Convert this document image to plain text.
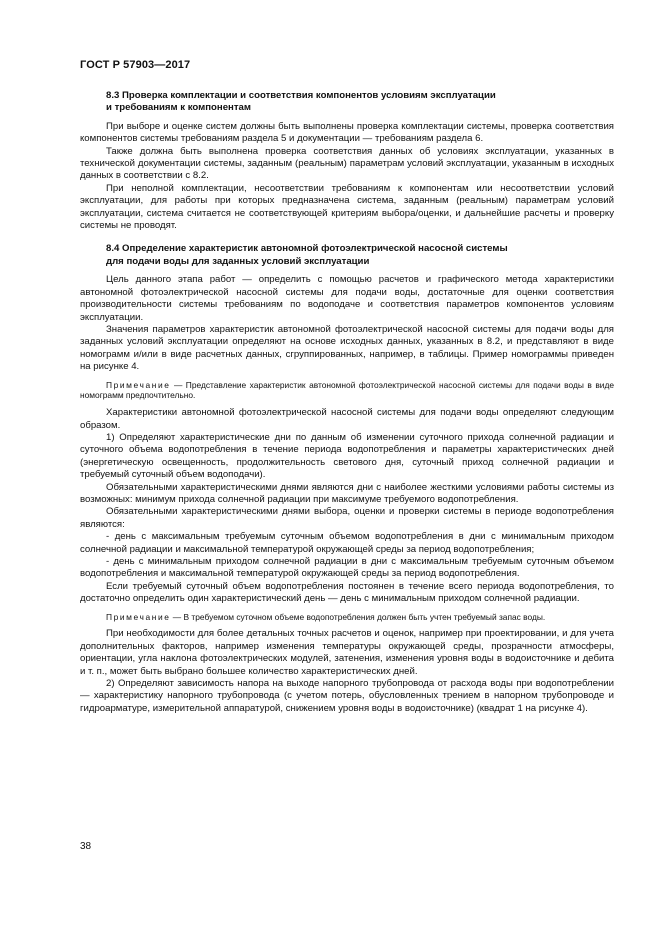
ГОСТ Р 57903—2017
8.3 Проверка комплектации и соответствия компонентов условиям эксплуатации
и требованиям к компонентам

При выборе и оценке систем должны быть выполнены проверка комплектации системы, проверка соответствия компонентов системы требованиям раздела 5 и документации — требованиям раздела 6.

Также должна быть выполнена проверка соответствия данных об условиях эксплуатации, указанных в технической документации системы, заданным (реальным) параметрам условий эксплуатации, указанным в исходных данных в соответствии с 8.2.

При неполной комплектации, несоответствии требованиям к компонентам или несоответствии условий эксплуатации, для работы при которых предназначена система, заданным (реальным) параметрам условий эксплуатации, система считается не соответствующей критериям выбора/оценки, и дальнейшие расчеты и проверку системы не проводят.

8.4 Определение характеристик автономной фотоэлектрической насосной системы
для подачи воды для заданных условий эксплуатации

Цель данного этапа работ — определить с помощью расчетов и графического метода характеристики автономной фотоэлектрической насосной системы для подачи воды, достаточные для оценки соответствия производительности системы требованиям по водоподаче и соответствия параметров компонентов условиям эксплуатации.

Значения параметров характеристик автономной фотоэлектрической насосной системы для подачи воды для заданных условий эксплуатации определяют на основе исходных данных, указанных в 8.2, и представляют в виде номограмм и/или в виде расчетных данных, сгруппированных, например, в таблицы. Пример номограммы приведен на рисунке 4.

Примечание — Представление характеристик автономной фотоэлектрической насосной системы для подачи воды в виде номограмм предпочтительно.

Характеристики автономной фотоэлектрической насосной системы для подачи воды определяют следующим образом.

1) Определяют характеристические дни по данным об изменении суточного прихода солнечной радиации и суточного объема водопотребления в течение периода водопотребления и параметры характеристических дней (энергетическую освещенность, продолжительность светового дня, суточный приход солнечной радиации и требуемый суточный объем водоподачи).

Обязательными характеристическими днями являются дни с наиболее жесткими условиями работы системы из возможных: минимум прихода солнечной радиации при максимуме требуемого водопотребления.

Обязательными характеристическими днями выбора, оценки и проверки системы в периоде водопотребления являются:

- день с максимальным требуемым суточным объемом водопотребления в дни с минимальным приходом солнечной радиации и максимальной температурой окружающей среды за период водопотребления;

- день с минимальным приходом солнечной радиации в дни с максимальным требуемым суточным объемом водопотребления и максимальной температурой окружающей среды за период водопотребления.

Если требуемый суточный объем водопотребления постоянен в течение всего периода водопотребления, то достаточно определить один характеристический день — день с минимальным приходом солнечной радиации.

Примечание — В требуемом суточном объеме водопотребления должен быть учтен требуемый запас воды.

При необходимости для более детальных точных расчетов и оценок, например при проектировании, и для учета дополнительных факторов, например изменения температуры окружающей среды, прозрачности атмосферы, ориентации, угла наклона фотоэлектрических модулей, затенения, изменения уровня воды в водоисточнике и дебита и т. п., может быть выбрано большее количество характеристических дней.

2) Определяют зависимость напора на выходе напорного трубопровода от расхода воды при водопотреблении — характеристику напорного трубопровода (с учетом потерь, обусловленных трением в напорном трубопроводе и гидроарматуре, измерительной аппаратурой, снижением уровня воды в водоисточнике) (квадрат 1 на рисунке 4).

38
